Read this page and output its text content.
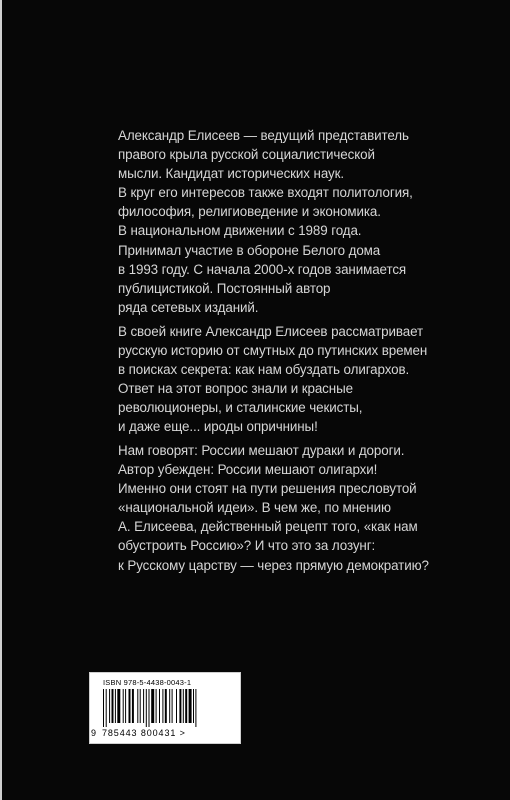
Александр Елисеев — ведущий представитель
правого крыла русской социалистической
мысли. Кандидат исторических наук.
В круг его интересов также входят политология,
философия, религиоведение и экономика.
В национальном движении с 1989 года.
Принимал участие в обороне Белого дома
в 1993 году. С начала 2000-х годов занимается
публицистикой. Постоянный автор
ряда сетевых изданий.
В своей книге Александр Елисеев рассматривает
русскую историю от смутных до путинских времен
в поисках секрета: как нам обуздать олигархов.
Ответ на этот вопрос знали и красные
революционеры, и сталинские чекисты,
и даже еще... ироды опричнины!
Нам говорят: России мешают дураки и дороги.
Автор убежден: России мешают олигархи!
Именно они стоят на пути решения пресловутой
«национальной идеи». В чем же, по мнению
А. Елисеева, действенный рецепт того, «как нам
обустроить Россию»? И что это за лозунг:
к Русскому царству — через прямую демократию?
ISBN 978-5-4438-0043-1
9 785443 800431 >
